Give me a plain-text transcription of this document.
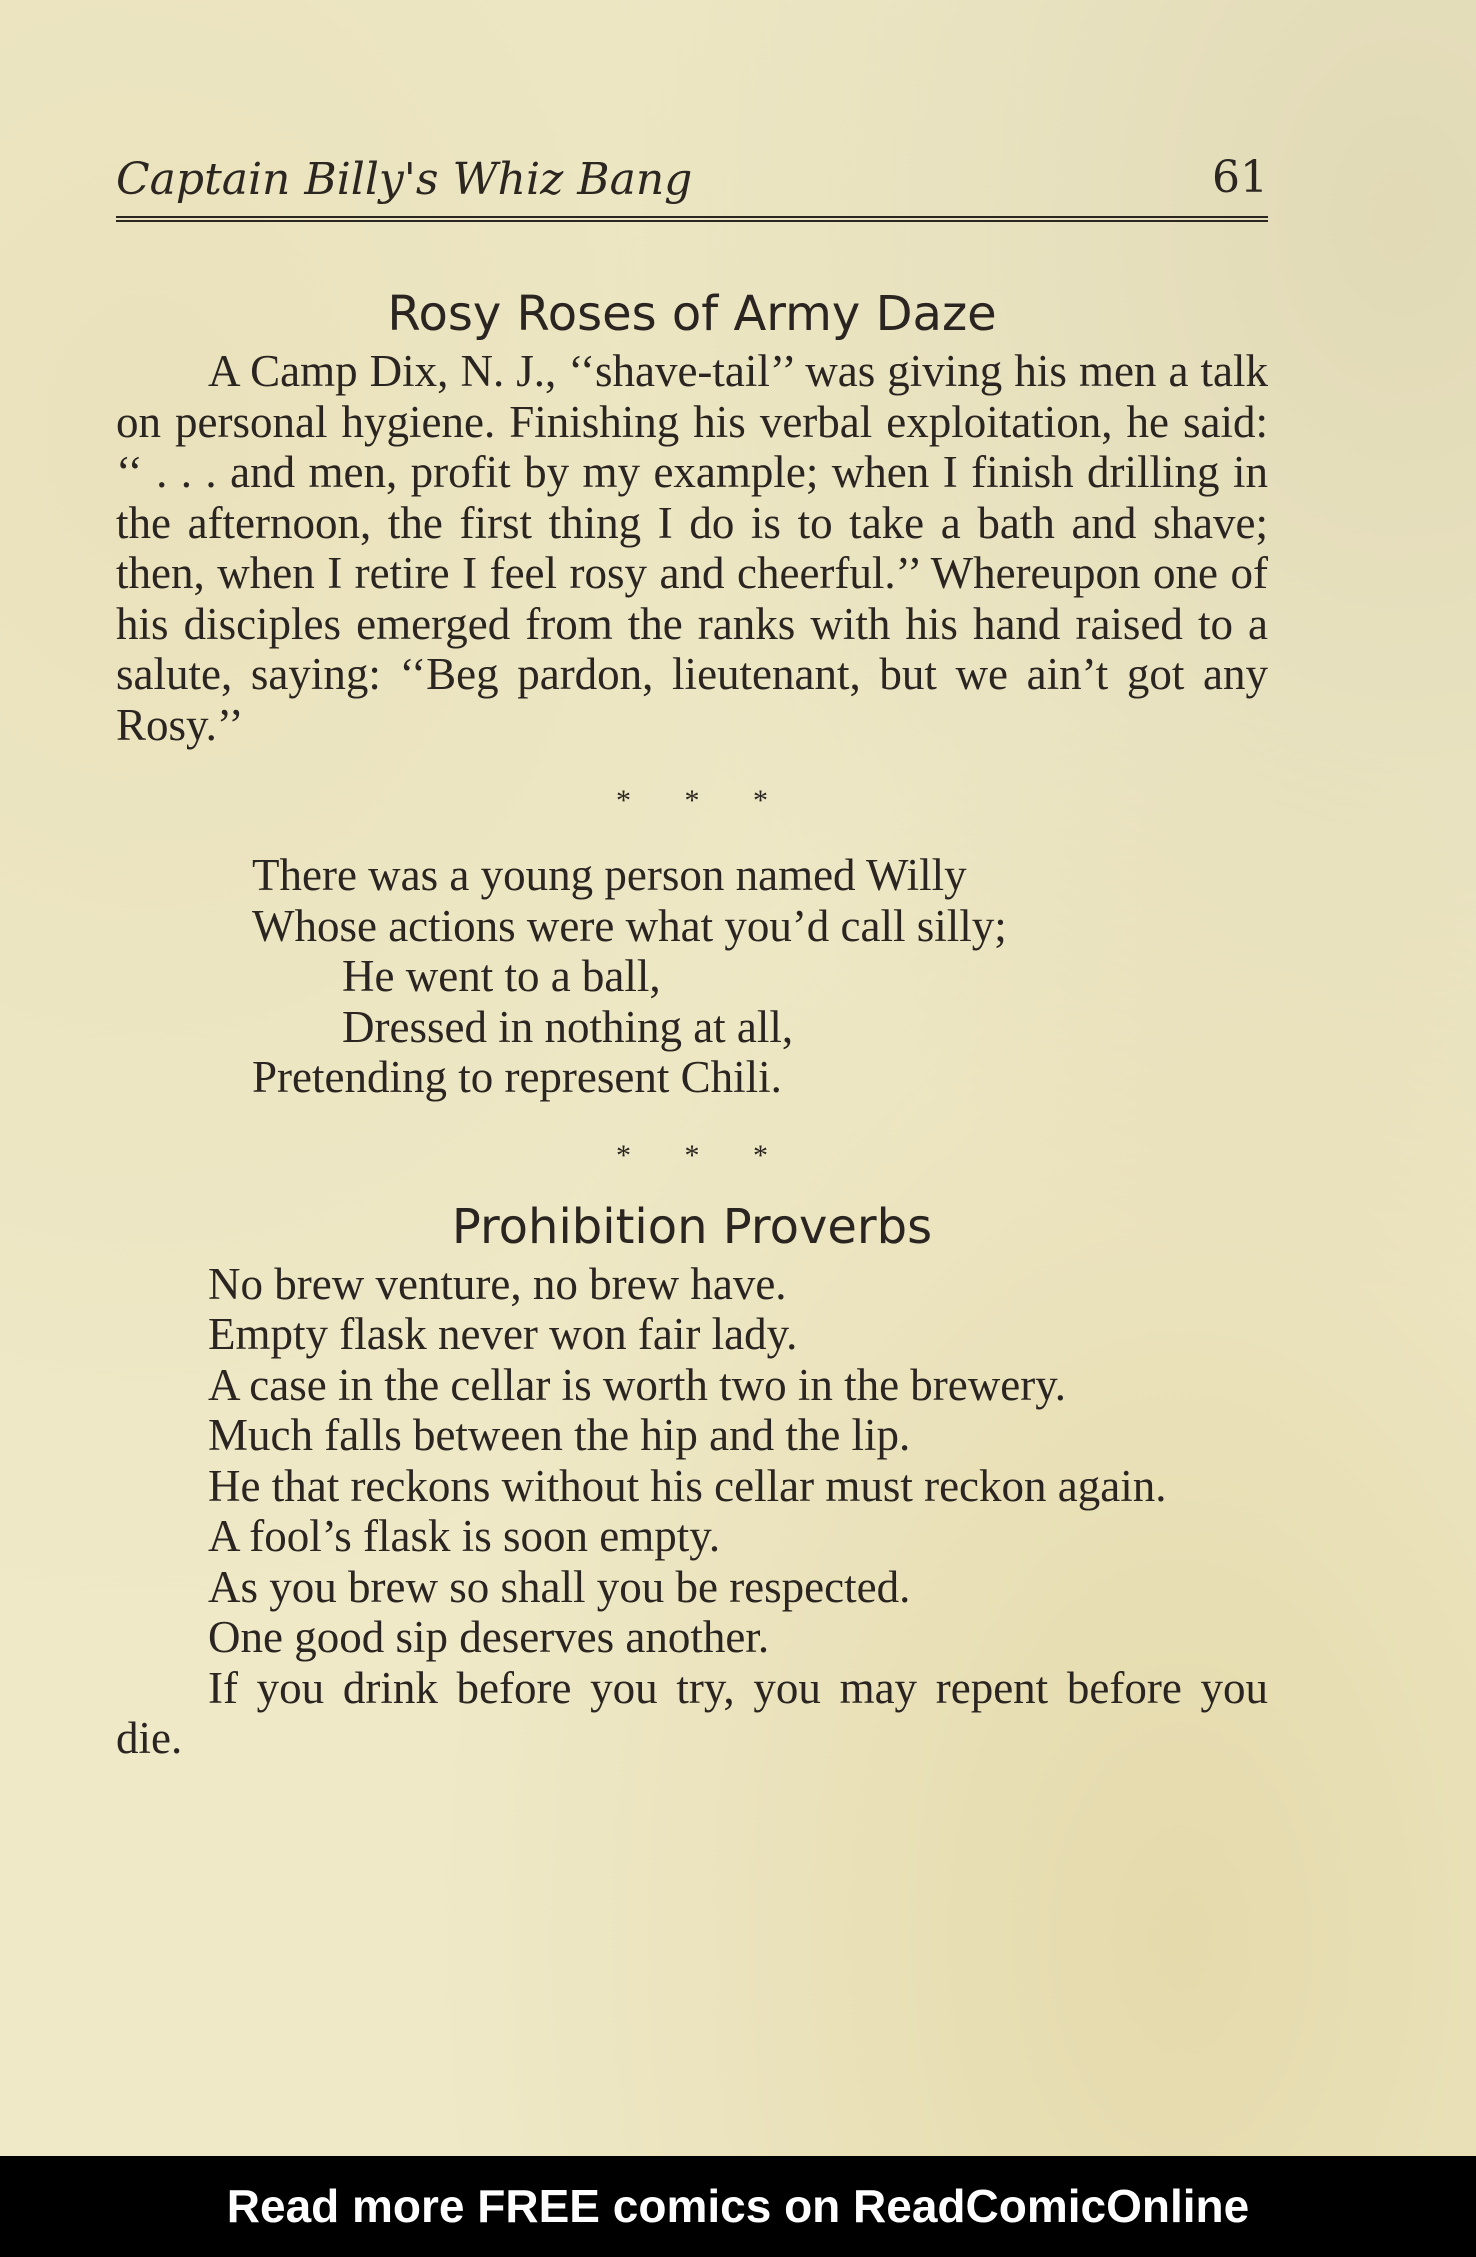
Captain Billy's Whiz Bang	61
Rosy Roses of Army Daze

A Camp Dix, N. J., ‘‘shave-tail’’ was giving his men a talk on personal hygiene. Finishing his verbal exploitation, he said: ‘‘ . . . and men, profit by my example; when I finish drilling in the afternoon, the first thing I do is to take a bath and shave; then, when I retire I feel rosy and cheerful.’’ Whereupon one of his disciples emerged from the ranks with his hand raised to a salute, saying: ‘‘Beg pardon, lieutenant, but we ain’t got any Rosy.’’

* * *

There was a young person named Willy
Whose actions were what you’d call silly;
He went to a ball,
Dressed in nothing at all,
Pretending to represent Chili.

* * *

Prohibition Proverbs

No brew venture, no brew have.

Empty flask never won fair lady.

A case in the cellar is worth two in the brewery.

Much falls between the hip and the lip.

He that reckons without his cellar must reckon again.

A fool’s flask is soon empty.

As you brew so shall you be respected.

One good sip deserves another.

If you drink before you try, you may repent before you die.

Read more FREE comics on ReadComicOnline
